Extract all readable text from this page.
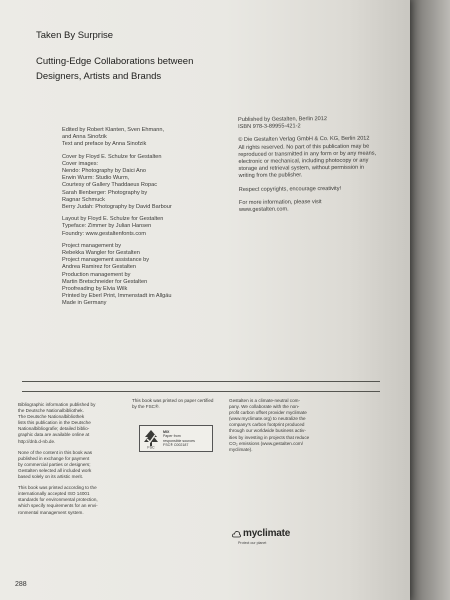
Taken By Surprise
Cutting-Edge Collaborations between
Designers, Artists and Brands
Edited by Robert Klanten, Sven Ehmann,
and Anna Sinofzik
Text and preface by Anna Sinofzik
Cover by Floyd E. Schulze for Gestalten
Cover images:
Nendo: Photography by Daici Ano
Erwin Wurm: Studio Wurm,
Courtesy of Gallery Thaddaeus Ropac
Sarah Illenberger: Photography by
Ragnar Schmuck
Berry Judah: Photography by David Barbour
Layout by Floyd E. Schulze for Gestalten
Typeface: Zimmer by Julian Hansen
Foundry: www.gestaltenfonts.com
Project management by
Rebekka Wangler for Gestalten
Project management assistance by
Andrea Ramirez for Gestalten
Production management by
Martin Bretschneider for Gestalten
Proofreading by Elvia Wilk
Printed by Eberl Print, Immenstadt im Allgäu
Made in Germany
Published by Gestalten, Berlin 2012
ISBN 978-3-89955-421-2
© Die Gestalten Verlag GmbH & Co. KG, Berlin 2012
All rights reserved. No part of this publication may be
reproduced or transmitted in any form or by any means,
electronic or mechanical, including photocopy or any
storage and retrieval system, without permission in
writing from the publisher.
Respect copyrights, encourage creativity!
For more information, please visit
www.gestalten.com.
Bibliographic information published by
the Deutsche Nationalbibliothek.
The Deutsche Nationalbibliothek
lists this publication in the Deutsche
Nationalbibliografie; detailed biblio-
graphic data are available online at
http://dnb.d-nb.de.
None of the content in this book was
published in exchange for payment
by commercial parties or designers;
Gestalten selected all included work
based solely on its artistic merit.
This book was printed according to the
internationally accepted ISO 14001
standards for environmental protection,
which specify requirements for an envi-
ronmental management system.
This book was printed on paper certified
by the FSC®.
FSC
MIX
Paper from
responsible sources
FSC® C002187
Gestalten is a climate-neutral com-
pany. We collaborate with the non-
profit carbon offset provider myclimate
(www.myclimate.org) to neutralize the
company's carbon footprint produced
through our worldwide business activ-
ities by investing in projects that reduce
CO₂ emissions (www.gestalten.com/
myclimate).
myclimate
Protect our planet
288
